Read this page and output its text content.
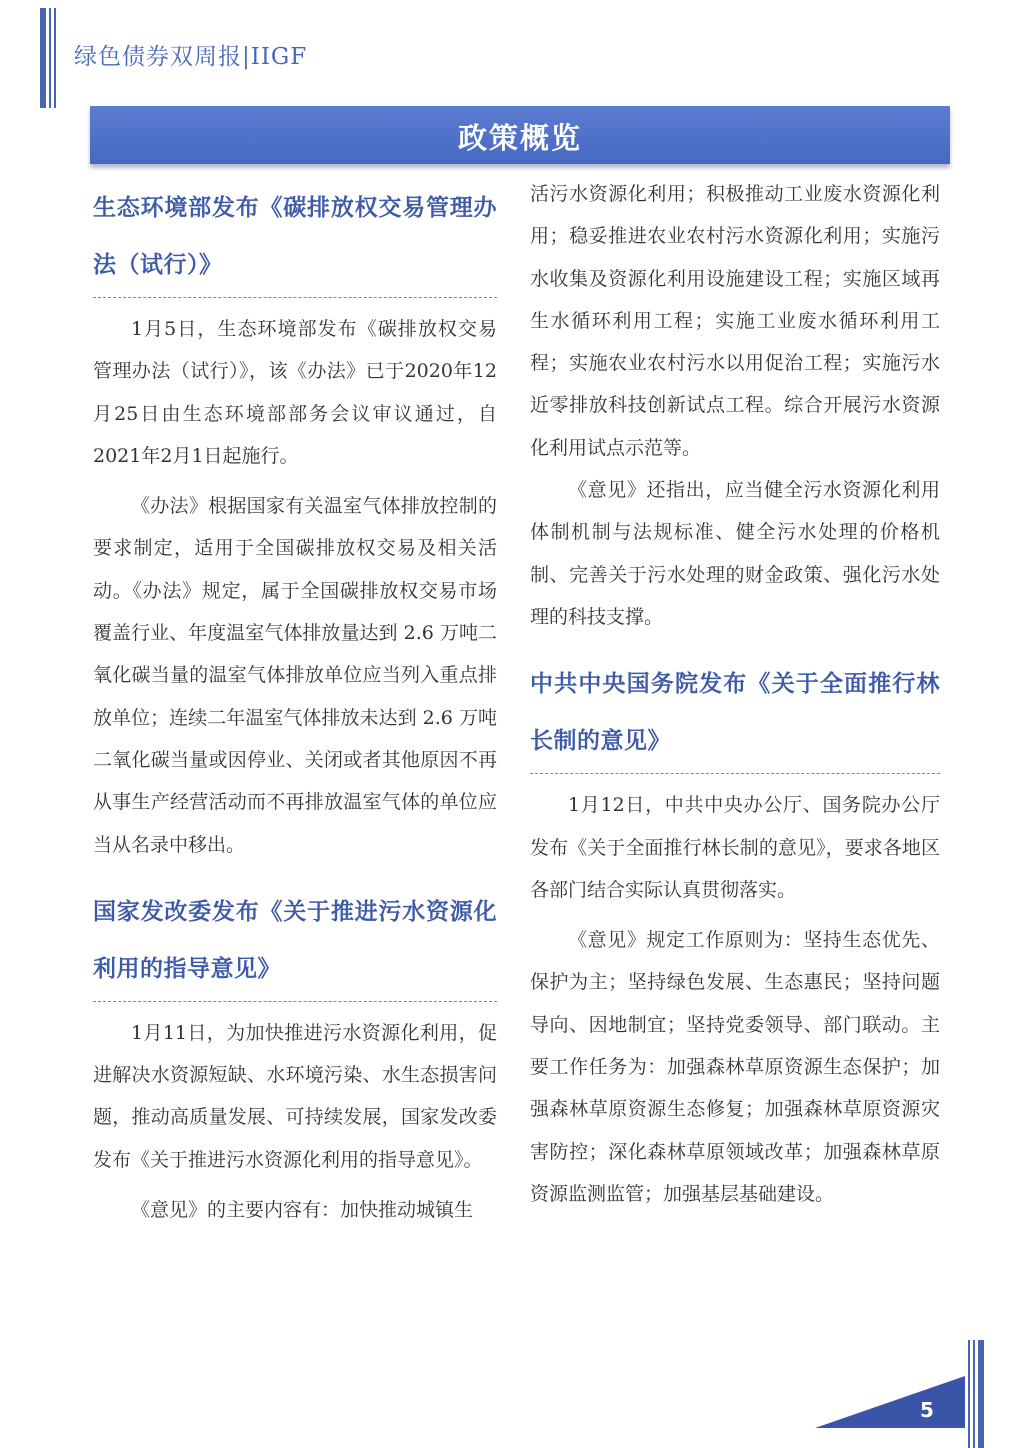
绿色债券双周报|IIGF
政策概览
生态环境部发布《碳排放权交易管理办法（试行）》

1月5日，生态环境部发布《碳排放权交易管理办法（试行）》，该《办法》已于2020年12月25日由生态环境部部务会议审议通过，自2021年2月1日起施行。

《办法》根据国家有关温室气体排放控制的要求制定，适用于全国碳排放权交易及相关活动。《办法》规定，属于全国碳排放权交易市场覆盖行业、年度温室气体排放量达到 2.6 万吨二氧化碳当量的温室气体排放单位应当列入重点排放单位；连续二年温室气体排放未达到 2.6 万吨二氧化碳当量或因停业、关闭或者其他原因不再从事生产经营活动而不再排放温室气体的单位应当从名录中移出。

国家发改委发布《关于推进污水资源化利用的指导意见》

1月11日，为加快推进污水资源化利用，促进解决水资源短缺、水环境污染、水生态损害问题，推动高质量发展、可持续发展，国家发改委发布《关于推进污水资源化利用的指导意见》。

《意见》的主要内容有：加快推动城镇生

活污水资源化利用；积极推动工业废水资源化利用；稳妥推进农业农村污水资源化利用；实施污水收集及资源化利用设施建设工程；实施区域再生水循环利用工程；实施工业废水循环利用工程；实施农业农村污水以用促治工程；实施污水近零排放科技创新试点工程。综合开展污水资源化利用试点示范等。

《意见》还指出，应当健全污水资源化利用体制机制与法规标准、健全污水处理的价格机制、完善关于污水处理的财金政策、强化污水处理的科技支撑。

中共中央国务院发布《关于全面推行林长制的意见》

1月12日，中共中央办公厅、国务院办公厅发布《关于全面推行林长制的意见》，要求各地区各部门结合实际认真贯彻落实。

《意见》规定工作原则为：坚持生态优先、保护为主；坚持绿色发展、生态惠民；坚持问题导向、因地制宜；坚持党委领导、部门联动。主要工作任务为：加强森林草原资源生态保护；加强森林草原资源生态修复；加强森林草原资源灾害防控；深化森林草原领域改革；加强森林草原资源监测监管；加强基层基础建设。

5
